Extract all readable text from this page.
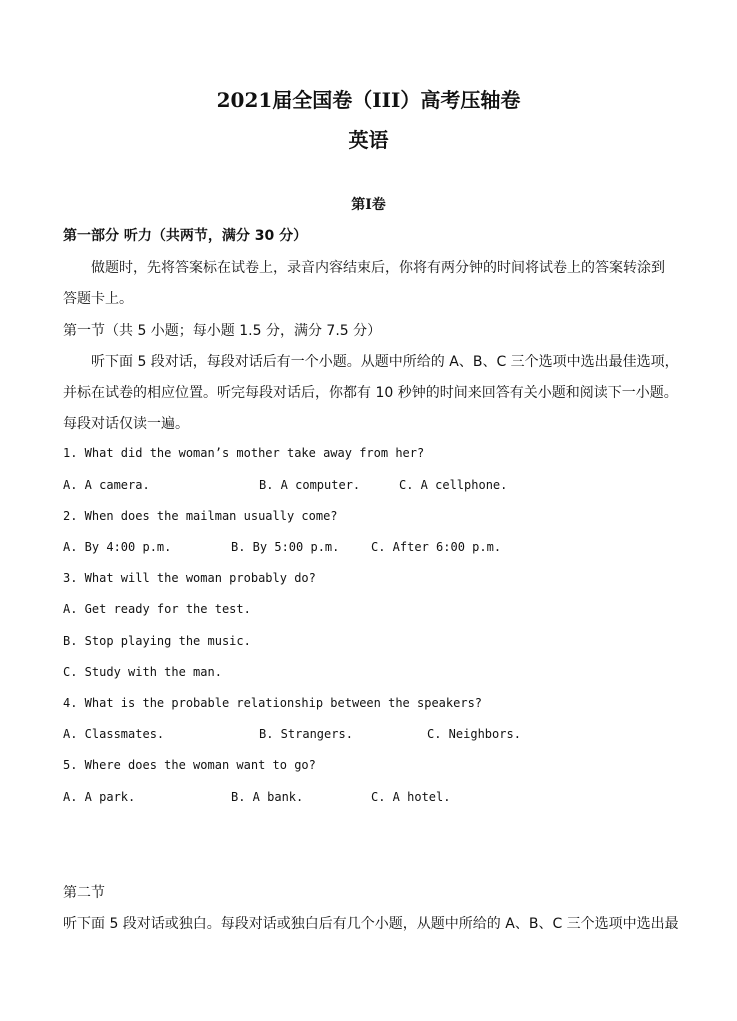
2021届全国卷（III）高考压轴卷
英语
第Ⅰ卷
第一部分 听力（共两节，满分 30 分）
做题时，先将答案标在试卷上，录音内容结束后，你将有两分钟的时间将试卷上的答案转涂到
答题卡上。
第一节（共 5 小题；每小题 1.5 分，满分 7.5 分）
听下面 5 段对话，每段对话后有一个小题。从题中所给的 A、B、C 三个选项中选出最佳选项，
并标在试卷的相应位置。听完每段对话后，你都有 10 秒钟的时间来回答有关小题和阅读下一小题。
每段对话仅读一遍。
1. What did the woman’s mother take away from her?
A. A camera.	B. A computer.	C. A cellphone.
2. When does the mailman usually come?
A. By 4:00 p.m.	B. By 5:00 p.m.	C. After 6:00 p.m.
3. What will the woman probably do?
A. Get ready for the test.
B. Stop playing the music.
C. Study with the man.
4. What is the probable relationship between the speakers?
A. Classmates.	B. Strangers.	C. Neighbors.
5. Where does the woman want to go?
A. A park.	B. A bank.	C. A hotel.
第二节
听下面 5 段对话或独白。每段对话或独白后有几个小题，从题中所给的 A、B、C 三个选项中选出最
